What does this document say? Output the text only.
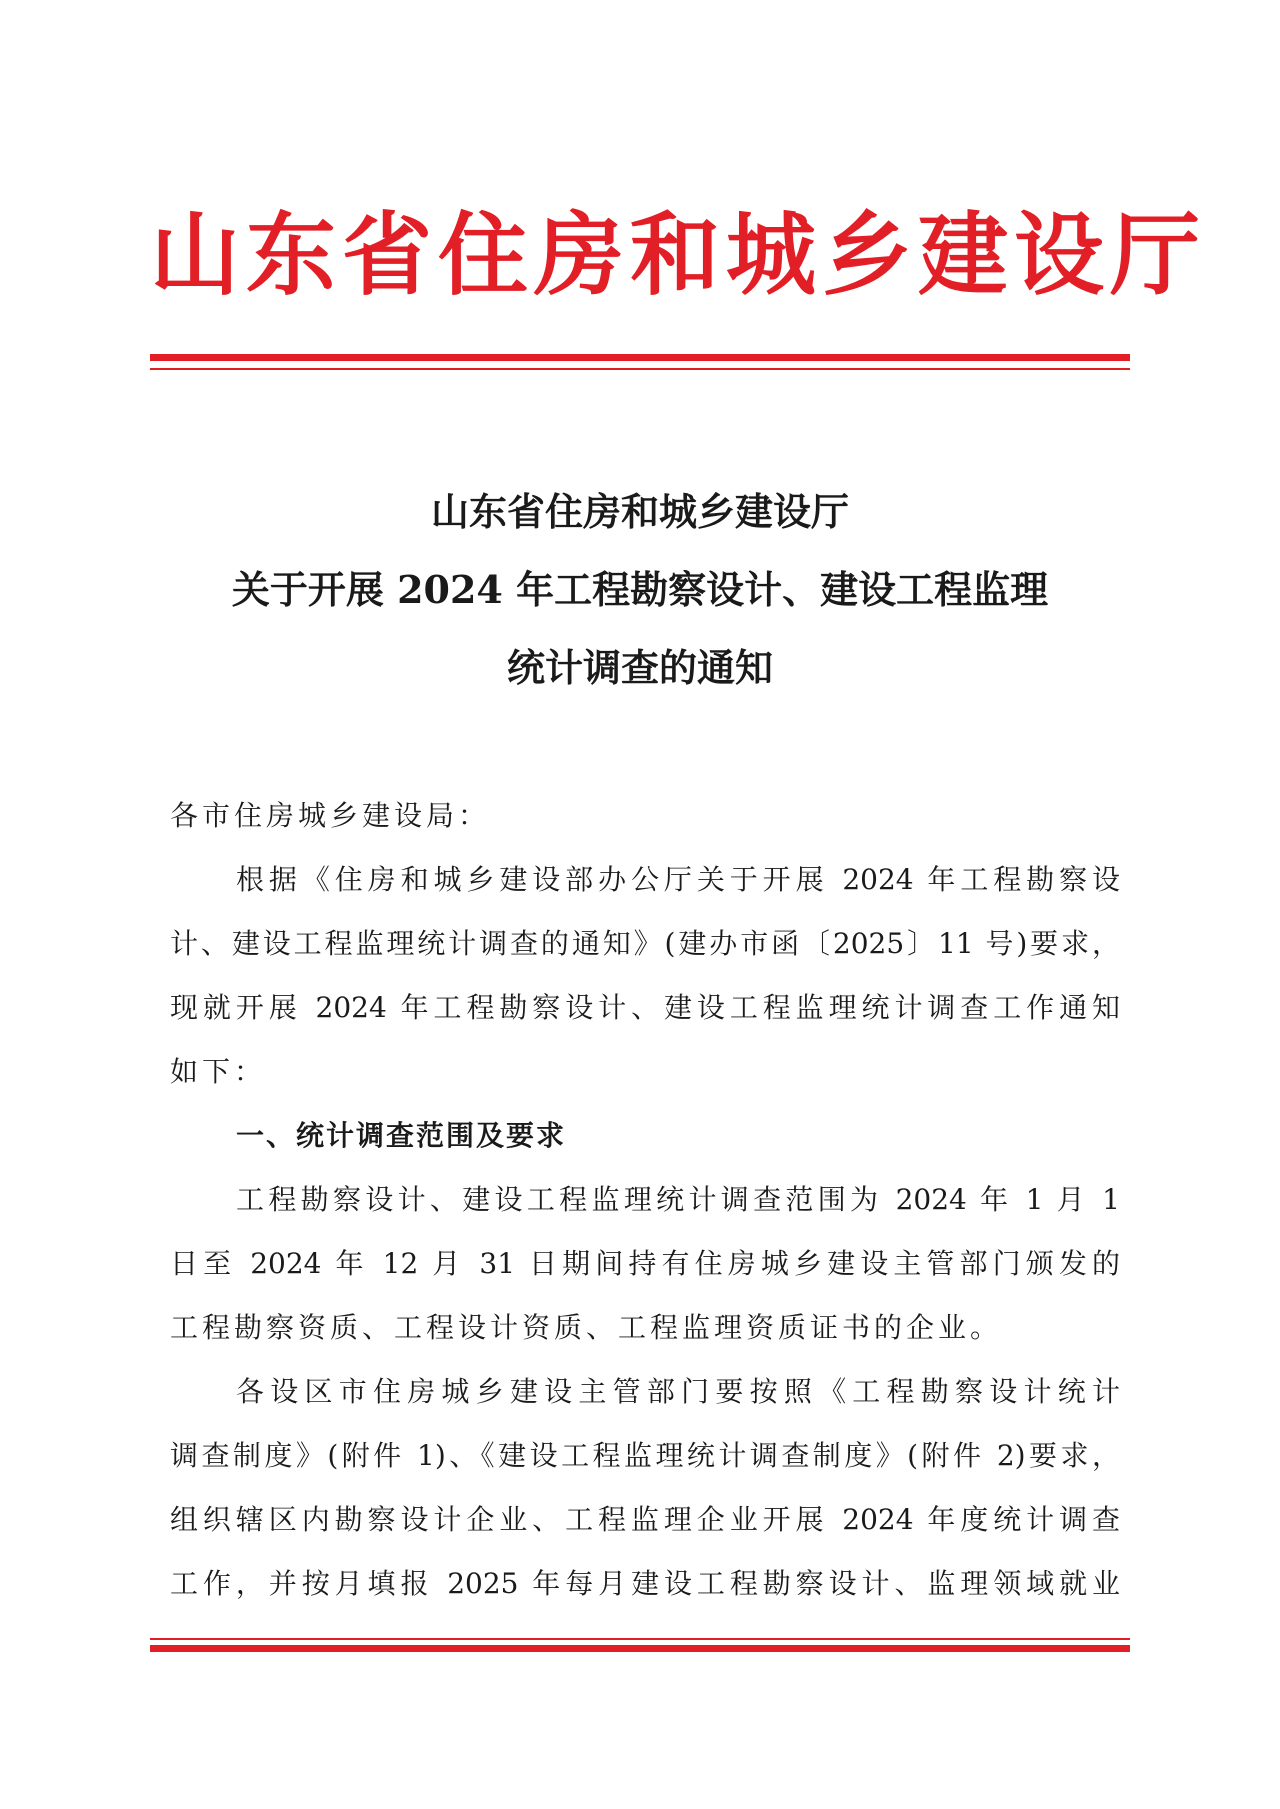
山东省住房和城乡建设厅
山东省住房和城乡建设厅
关于开展 2024 年工程勘察设计、建设工程监理
统计调查的通知
各市住房城乡建设局：
根据《住房和城乡建设部办公厅关于开展 2024 年工程勘察设
计、建设工程监理统计调查的通知》(建办市函〔2025〕11 号)要求，
现就开展 2024 年工程勘察设计、建设工程监理统计调查工作通知
如下：
一、统计调查范围及要求
工程勘察设计、建设工程监理统计调查范围为 2024 年 1 月 1
日至 2024 年 12 月 31 日期间持有住房城乡建设主管部门颁发的
工程勘察资质、工程设计资质、工程监理资质证书的企业。
各设区市住房城乡建设主管部门要按照《工程勘察设计统计
调查制度》(附件 1)、《建设工程监理统计调查制度》(附件 2)要求，
组织辖区内勘察设计企业、工程监理企业开展 2024 年度统计调查
工作，并按月填报 2025 年每月建设工程勘察设计、监理领域就业
